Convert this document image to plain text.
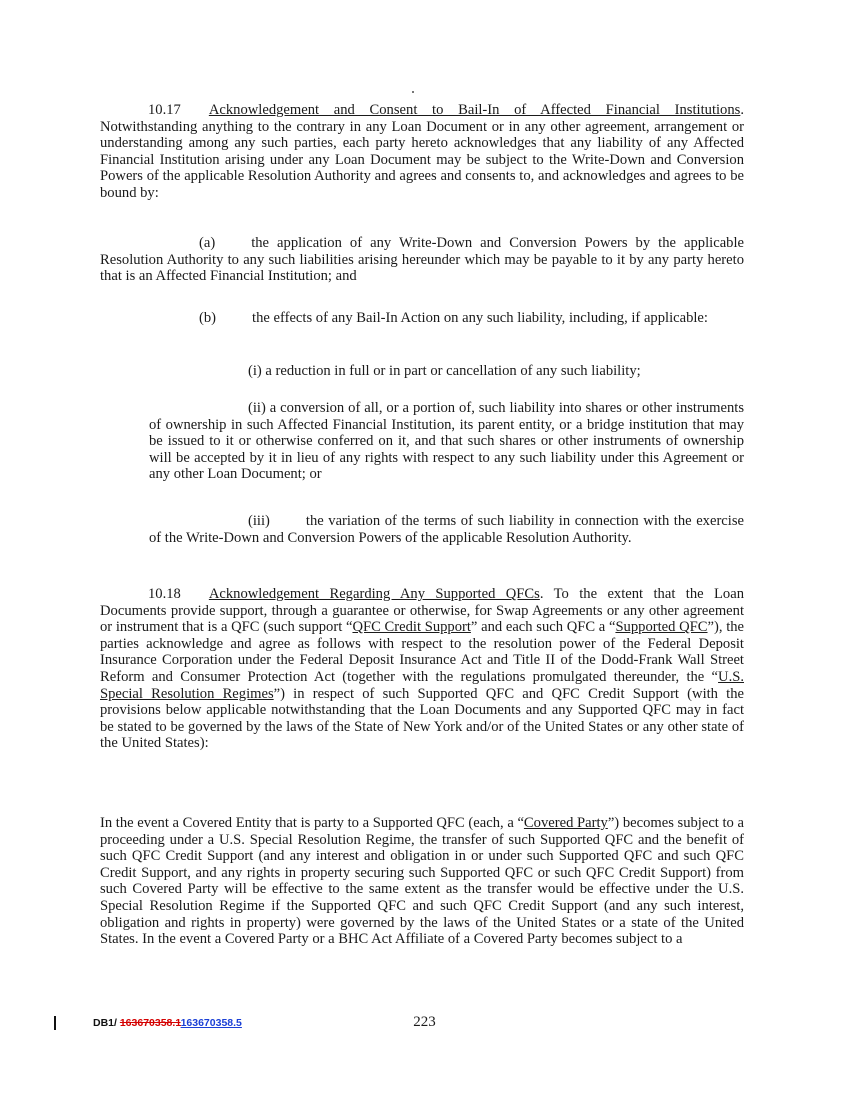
10.17 Acknowledgement and Consent to Bail-In of Affected Financial Institutions. Notwithstanding anything to the contrary in any Loan Document or in any other agreement, arrangement or understanding among any such parties, each party hereto acknowledges that any liability of any Affected Financial Institution arising under any Loan Document may be subject to the Write-Down and Conversion Powers of the applicable Resolution Authority and agrees and consents to, and acknowledges and agrees to be bound by:

(a) the application of any Write-Down and Conversion Powers by the applicable Resolution Authority to any such liabilities arising hereunder which may be payable to it by any party hereto that is an Affected Financial Institution; and

(b) the effects of any Bail-In Action on any such liability, including, if applicable:

(i) a reduction in full or in part or cancellation of any such liability;

(ii) a conversion of all, or a portion of, such liability into shares or other instruments of ownership in such Affected Financial Institution, its parent entity, or a bridge institution that may be issued to it or otherwise conferred on it, and that such shares or other instruments of ownership will be accepted by it in lieu of any rights with respect to any such liability under this Agreement or any other Loan Document; or

(iii) the variation of the terms of such liability in connection with the exercise of the Write-Down and Conversion Powers of the applicable Resolution Authority.

10.18 Acknowledgement Regarding Any Supported QFCs. To the extent that the Loan Documents provide support, through a guarantee or otherwise, for Swap Agreements or any other agreement or instrument that is a QFC (such support “QFC Credit Support” and each such QFC a “Supported QFC”), the parties acknowledge and agree as follows with respect to the resolution power of the Federal Deposit Insurance Corporation under the Federal Deposit Insurance Act and Title II of the Dodd-Frank Wall Street Reform and Consumer Protection Act (together with the regulations promulgated thereunder, the “U.S. Special Resolution Regimes”) in respect of such Supported QFC and QFC Credit Support (with the provisions below applicable notwithstanding that the Loan Documents and any Supported QFC may in fact be stated to be governed by the laws of the State of New York and/or of the United States or any other state of the United States):

In the event a Covered Entity that is party to a Supported QFC (each, a “Covered Party”) becomes subject to a proceeding under a U.S. Special Resolution Regime, the transfer of such Supported QFC and the benefit of such QFC Credit Support (and any interest and obligation in or under such Supported QFC and such QFC Credit Support, and any rights in property securing such Supported QFC or such QFC Credit Support) from such Covered Party will be effective to the same extent as the transfer would be effective under the U.S. Special Resolution Regime if the Supported QFC and such QFC Credit Support (and any such interest, obligation and rights in property) were governed by the laws of the United States or a state of the United States. In the event a Covered Party or a BHC Act Affiliate of a Covered Party becomes subject to a

DB1/ 163670358.1163670358.5	223
